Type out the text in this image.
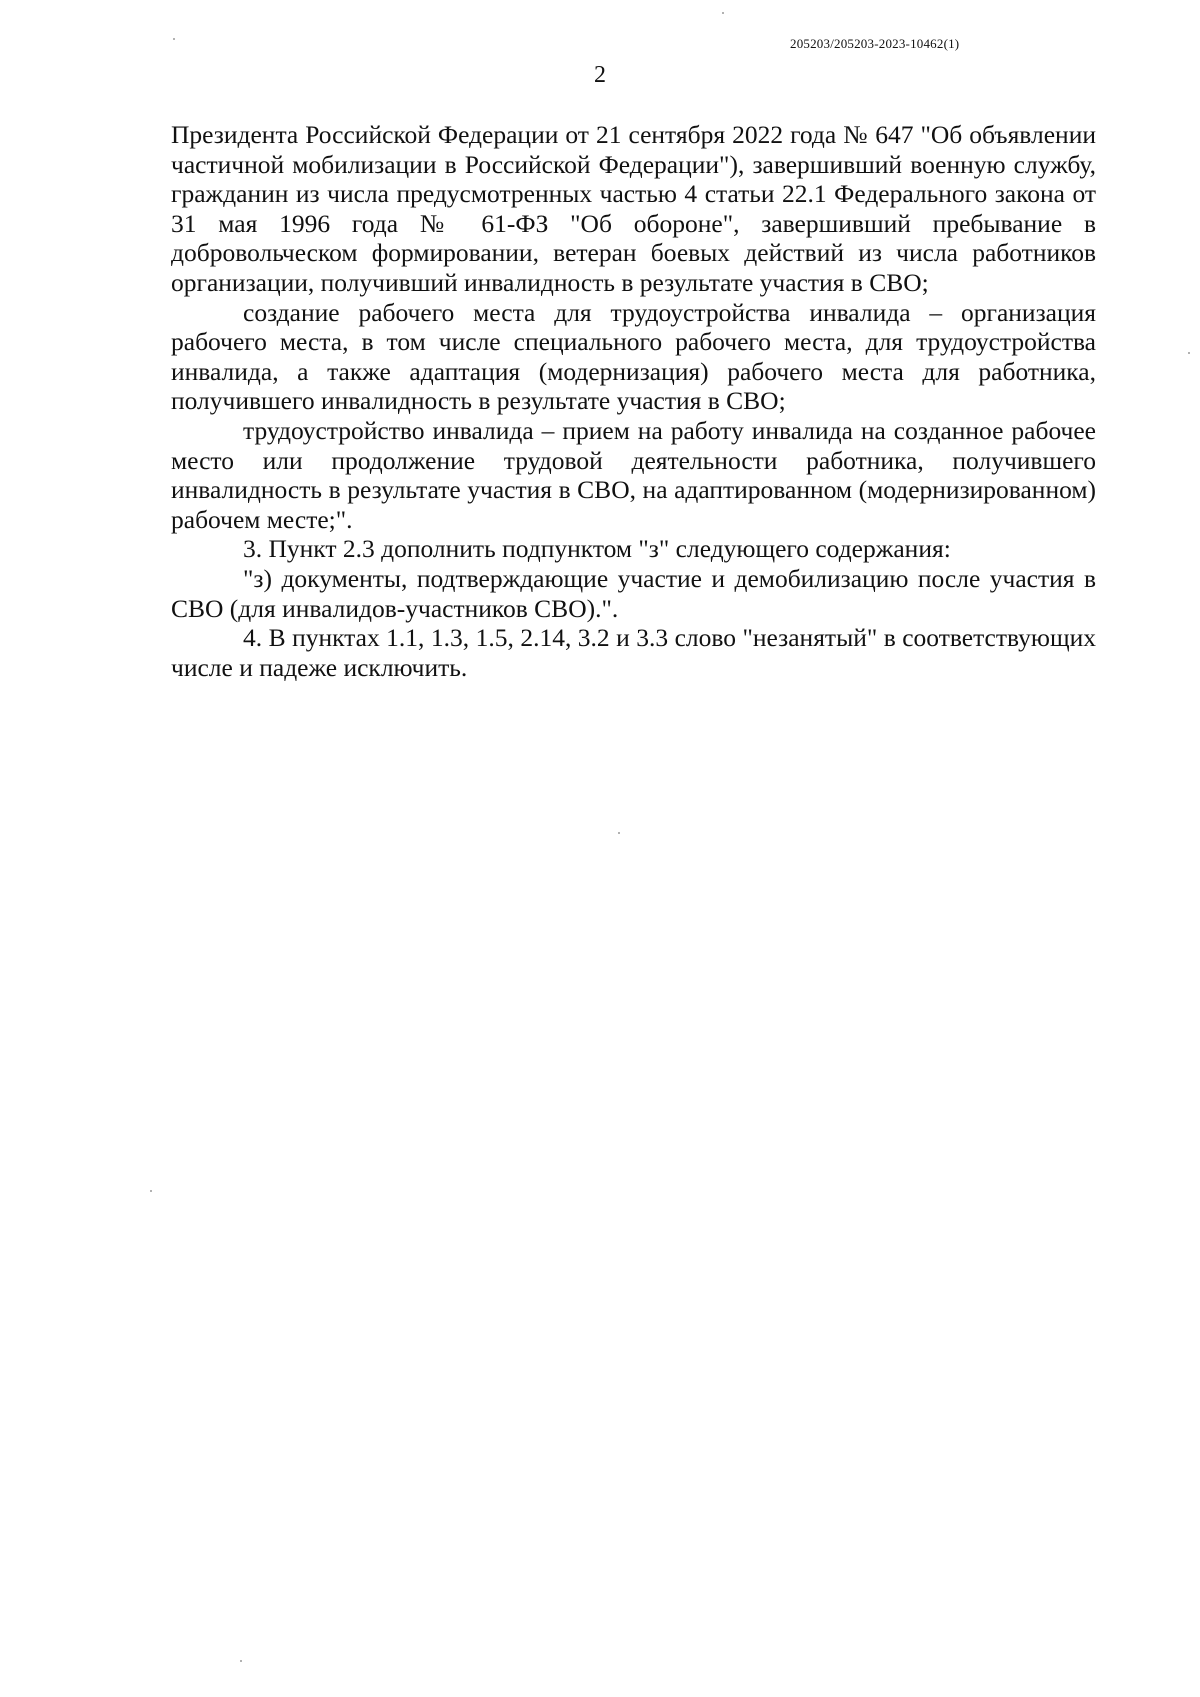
205203/205203-2023-10462(1)
2

Президента Российской Федерации от 21 сентября 2022 года № 647 "Об объявлении частичной мобилизации в Российской Федерации"), завершивший военную службу, гражданин из числа предусмотренных частью 4 статьи 22.1 Федерального закона от 31 мая 1996 года № 61-ФЗ "Об обороне", завершивший пребывание в добровольческом формировании, ветеран боевых действий из числа работников организации, получивший инвалидность в результате участия в СВО;

создание рабочего места для трудоустройства инвалида – организация рабочего места, в том числе специального рабочего места, для трудоустройства инвалида, а также адаптация (модернизация) рабочего места для работника, получившего инвалидность в результате участия в СВО;

трудоустройство инвалида – прием на работу инвалида на созданное рабочее место или продолжение трудовой деятельности работника, получившего инвалидность в результате участия в СВО, на адаптированном (модернизированном) рабочем месте;".

3. Пункт 2.3 дополнить подпунктом "з" следующего содержания:

"з) документы, подтверждающие участие и демобилизацию после участия в СВО (для инвалидов-участников СВО).".

4. В пунктах 1.1, 1.3, 1.5, 2.14, 3.2 и 3.3 слово "незанятый" в соответствующих числе и падеже исключить.
